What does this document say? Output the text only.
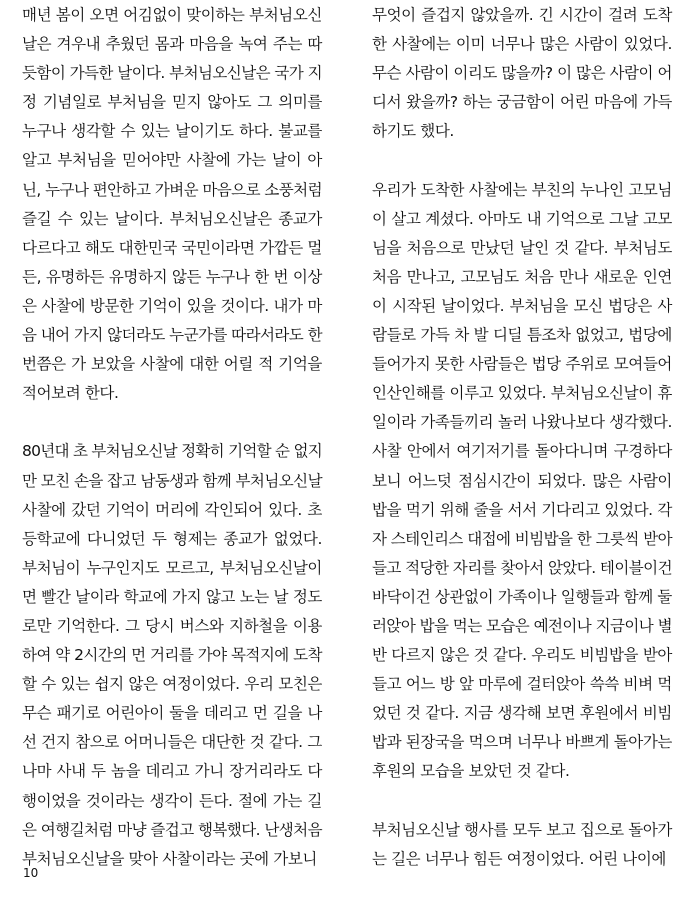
매년 봄이 오면 어김없이 맞이하는 부처님오신
날은 겨우내 추웠던 몸과 마음을 녹여 주는 따
듯함이 가득한 날이다. 부처님오신날은 국가 지
정 기념일로 부처님을 믿지 않아도 그 의미를
누구나 생각할 수 있는 날이기도 하다. 불교를
알고 부처님을 믿어야만 사찰에 가는 날이 아
닌, 누구나 편안하고 가벼운 마음으로 소풍처럼
즐길 수 있는 날이다. 부처님오신날은 종교가
다르다고 해도 대한민국 국민이라면 가깝든 멀
든, 유명하든 유명하지 않든 누구나 한 번 이상
은 사찰에 방문한 기억이 있을 것이다. 내가 마
음 내어 가지 않더라도 누군가를 따라서라도 한
번쯤은 가 보았을 사찰에 대한 어릴 적 기억을
적어보려 한다.

80년대 초 부처님오신날 정확히 기억할 순 없지
만 모친 손을 잡고 남동생과 함께 부처님오신날
사찰에 갔던 기억이 머리에 각인되어 있다. 초
등학교에 다니었던 두 형제는 종교가 없었다.
부처님이 누구인지도 모르고, 부처님오신날이
면 빨간 날이라 학교에 가지 않고 노는 날 정도
로만 기억한다. 그 당시 버스와 지하철을 이용
하여 약 2시간의 먼 거리를 가야 목적지에 도착
할 수 있는 쉽지 않은 여정이었다. 우리 모친은
무슨 패기로 어린아이 둘을 데리고 먼 길을 나
선 건지 참으로 어머니들은 대단한 것 같다. 그
나마 사내 두 놈을 데리고 가니 장거리라도 다
행이었을 것이라는 생각이 든다. 절에 가는 길
은 여행길처럼 마냥 즐겁고 행복했다. 난생처음
부처님오신날을 맞아 사찰이라는 곳에 가보니

무엇이 즐겁지 않았을까. 긴 시간이 걸려 도착
한 사찰에는 이미 너무나 많은 사람이 있었다.
무슨 사람이 이리도 많을까? 이 많은 사람이 어
디서 왔을까? 하는 궁금함이 어린 마음에 가득
하기도 했다.

우리가 도착한 사찰에는 부친의 누나인 고모님
이 살고 계셨다. 아마도 내 기억으로 그날 고모
님을 처음으로 만났던 날인 것 같다. 부처님도
처음 만나고, 고모님도 처음 만나 새로운 인연
이 시작된 날이었다. 부처님을 모신 법당은 사
람들로 가득 차 발 디딜 틈조차 없었고, 법당에
들어가지 못한 사람들은 법당 주위로 모여들어
인산인해를 이루고 있었다. 부처님오신날이 휴
일이라 가족들끼리 놀러 나왔나보다 생각했다.
사찰 안에서 여기저기를 돌아다니며 구경하다
보니 어느덧 점심시간이 되었다. 많은 사람이
밥을 먹기 위해 줄을 서서 기다리고 있었다. 각
자 스테인리스 대접에 비빔밥을 한 그릇씩 받아
들고 적당한 자리를 찾아서 앉았다. 테이블이건
바닥이건 상관없이 가족이나 일행들과 함께 둘
러앉아 밥을 먹는 모습은 예전이나 지금이나 별
반 다르지 않은 것 같다. 우리도 비빔밥을 받아
들고 어느 방 앞 마루에 걸터앉아 쓱쓱 비벼 먹
었던 것 같다. 지금 생각해 보면 후원에서 비빔
밥과 된장국을 먹으며 너무나 바쁘게 돌아가는
후원의 모습을 보았던 것 같다.

부처님오신날 행사를 모두 보고 집으로 돌아가
는 길은 너무나 힘든 여정이었다. 어린 나이에

10
